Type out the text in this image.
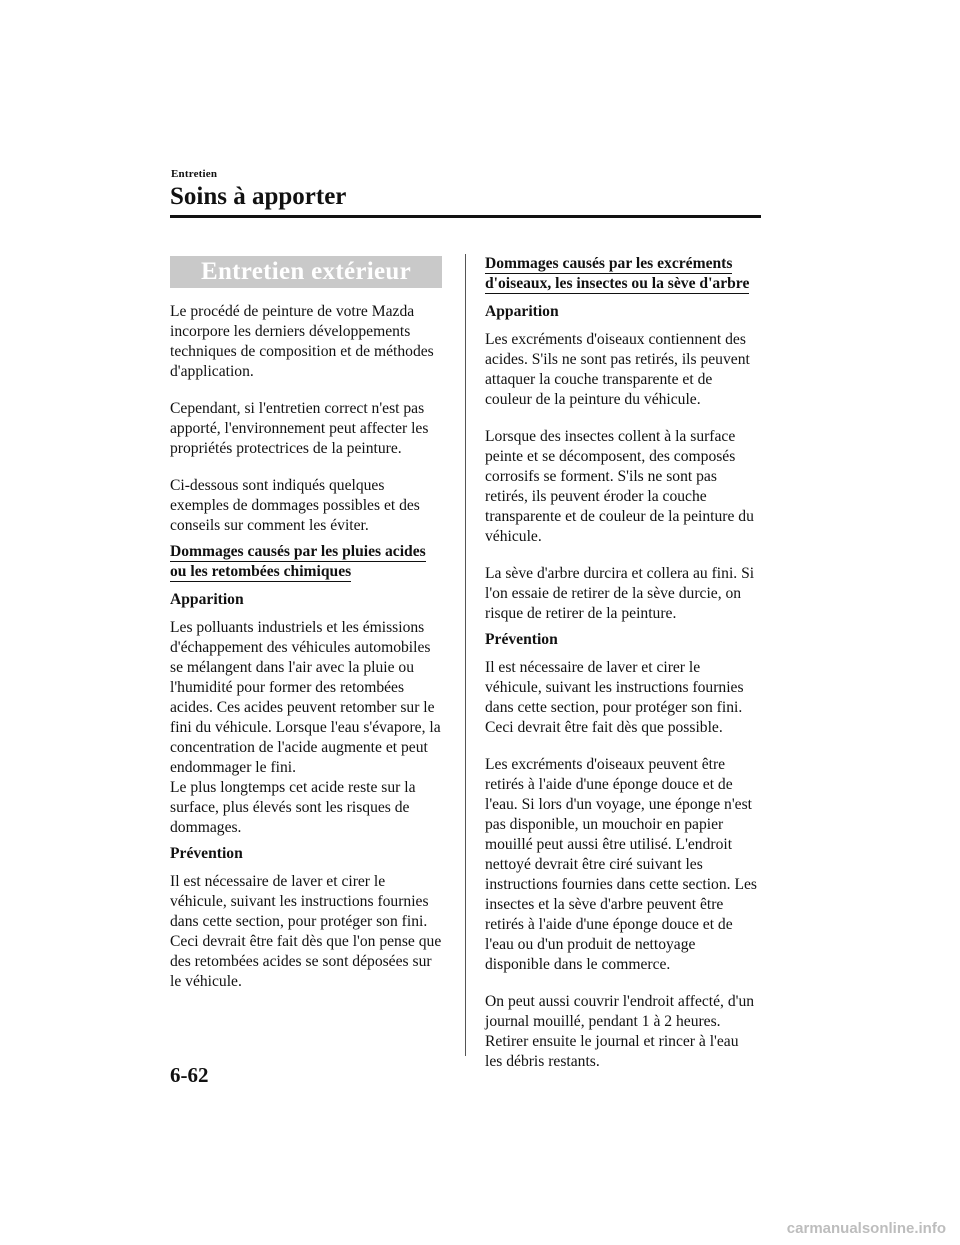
Entretien
Soins à apporter
Entretien extérieur

Le procédé de peinture de votre Mazda incorpore les derniers développements techniques de composition et de méthodes d'application.

Cependant, si l'entretien correct n'est pas apporté, l'environnement peut affecter les propriétés protectrices de la peinture.

Ci-dessous sont indiqués quelques exemples de dommages possibles et des conseils sur comment les éviter.

Dommages causés par les pluies acides
ou les retombées chimiques
Apparition

Les polluants industriels et les émissions d'échappement des véhicules automobiles se mélangent dans l'air avec la pluie ou l'humidité pour former des retombées acides. Ces acides peuvent retomber sur le fini du véhicule. Lorsque l'eau s'évapore, la concentration de l'acide augmente et peut endommager le fini.

Le plus longtemps cet acide reste sur la surface, plus élevés sont les risques de dommages.

Prévention

Il est nécessaire de laver et cirer le véhicule, suivant les instructions fournies dans cette section, pour protéger son fini. Ceci devrait être fait dès que l'on pense que des retombées acides se sont déposées sur le véhicule.

Dommages causés par les excréments
d'oiseaux, les insectes ou la sève d'arbre
Apparition

Les excréments d'oiseaux contiennent des acides. S'ils ne sont pas retirés, ils peuvent attaquer la couche transparente et de couleur de la peinture du véhicule.

Lorsque des insectes collent à la surface peinte et se décomposent, des composés corrosifs se forment. S'ils ne sont pas retirés, ils peuvent éroder la couche transparente et de couleur de la peinture du véhicule.

La sève d'arbre durcira et collera au fini. Si l'on essaie de retirer de la sève durcie, on risque de retirer de la peinture.

Prévention

Il est nécessaire de laver et cirer le véhicule, suivant les instructions fournies dans cette section, pour protéger son fini. Ceci devrait être fait dès que possible.

Les excréments d'oiseaux peuvent être retirés à l'aide d'une éponge douce et de l'eau. Si lors d'un voyage, une éponge n'est pas disponible, un mouchoir en papier mouillé peut aussi être utilisé. L'endroit nettoyé devrait être ciré suivant les instructions fournies dans cette section. Les insectes et la sève d'arbre peuvent être retirés à l'aide d'une éponge douce et de l'eau ou d'un produit de nettoyage disponible dans le commerce.

On peut aussi couvrir l'endroit affecté, d'un journal mouillé, pendant 1 à 2 heures. Retirer ensuite le journal et rincer à l'eau les débris restants.

6-62
carmanualsonline.info
